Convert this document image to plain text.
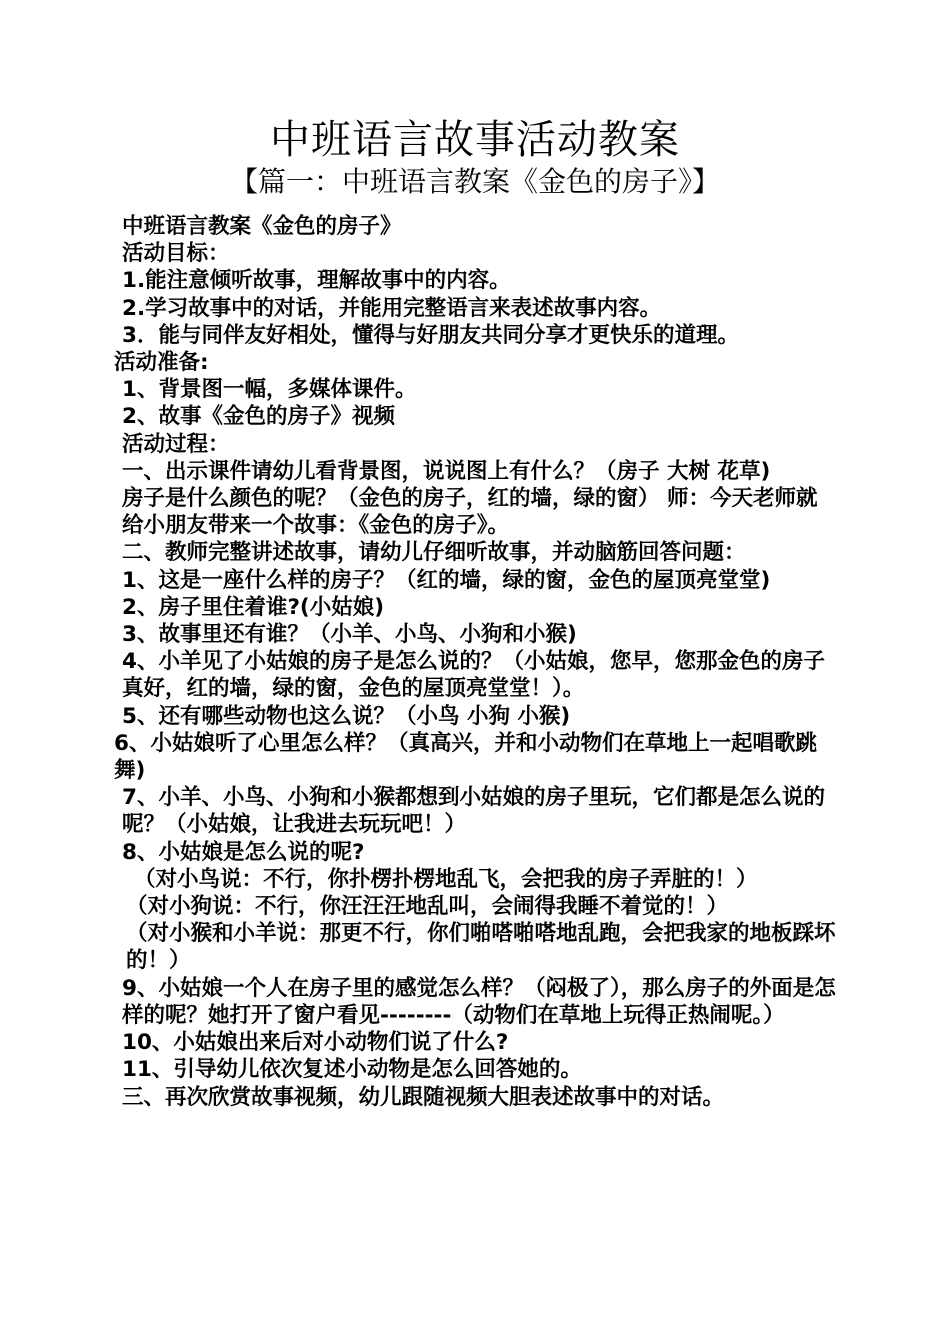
中班语言故事活动教案
【篇一：中班语言教案《金色的房子》】

中班语言教案《金色的房子》

活动目标：

1.能注意倾听故事，理解故事中的内容。

2.学习故事中的对话，并能用完整语言来表述故事内容。

3．能与同伴友好相处，懂得与好朋友共同分享才更快乐的道理。

活动准备:

1、背景图一幅，多媒体课件。

2、故事《金色的房子》视频

活动过程：

一、出示课件请幼儿看背景图，说说图上有什么？（房子 大树 花草)

房子是什么颜色的呢？（金色的房子，红的墙，绿的窗） 师：今天老师就给小朋友带来一个故事：《金色的房子》。

二、教师完整讲述故事，请幼儿仔细听故事，并动脑筋回答问题：

1、这是一座什么样的房子？（红的墙，绿的窗，金色的屋顶亮堂堂)

2、房子里住着谁?(小姑娘)

3、故事里还有谁？（小羊、小鸟、小狗和小猴)

4、小羊见了小姑娘的房子是怎么说的？（小姑娘，您早，您那金色的房子真好，红的墙，绿的窗，金色的屋顶亮堂堂！）。

5、还有哪些动物也这么说？（小鸟 小狗 小猴)

6、小姑娘听了心里怎么样？（真高兴，并和小动物们在草地上一起唱歌跳舞)

7、小羊、小鸟、小狗和小猴都想到小姑娘的房子里玩，它们都是怎么说的呢？（小姑娘，让我进去玩玩吧！）

8、小姑娘是怎么说的呢?

（对小鸟说：不行，你扑楞扑楞地乱飞，会把我的房子弄脏的！）

（对小狗说：不行，你汪汪汪地乱叫，会闹得我睡不着觉的！）

（对小猴和小羊说：那更不行，你们啪嗒啪嗒地乱跑，会把我家的地板踩坏的！）

9、小姑娘一个人在房子里的感觉怎么样？（闷极了），那么房子的外面是怎样的呢？她打开了窗户看见--------（动物们在草地上玩得正热闹呢。）

10、小姑娘出来后对小动物们说了什么?

11、引导幼儿依次复述小动物是怎么回答她的。

三、再次欣赏故事视频，幼儿跟随视频大胆表述故事中的对话。
